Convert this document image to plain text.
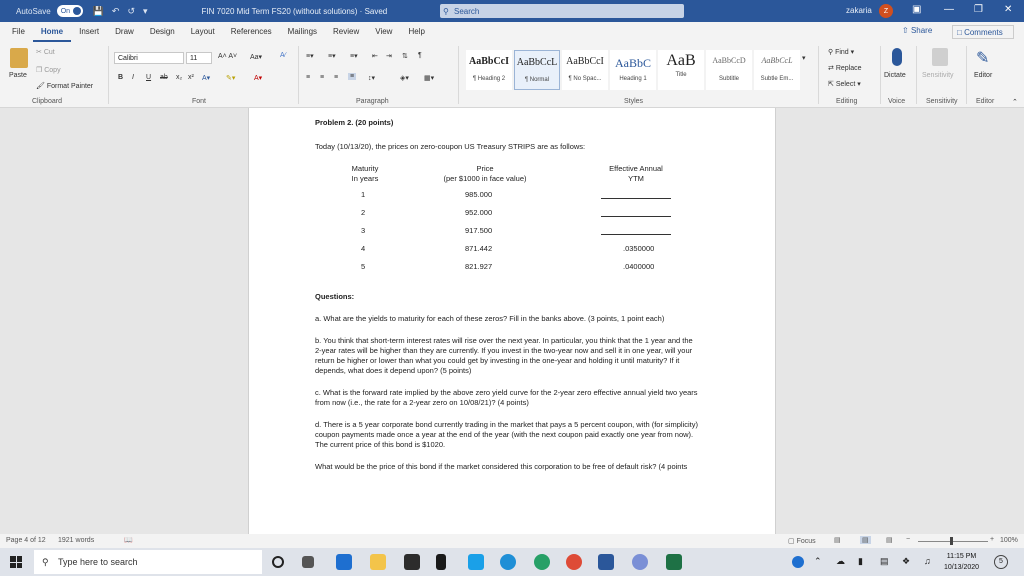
AutoSave On	💾 ↶ ↺ ▾	FIN 7020 Mid Term FS20 (without solutions) · Saved	⚲ Search	zakaria	Z	▣ — ❐ ✕
File	Home	Insert	Draw	Design	Layout	References	Mailings	Review	View	Help	⇧ Share	□ Comments
Paste
✂ Cut
❐ Copy
🖌 Format Painter
Clipboard
Calibri	11	A˄ A˅ Aa▾	A∕
B I U ab x₂ x² A▾ ✎▾	A▾
Font
≡▾ ≡▾ ≡▾ ⇤ ⇥ ⇅ ¶
≡ ≡ ≡ ≡ ↕▾	◈▾ ▦▾
Paragraph
AaBbCcI
¶ Heading 2
AaBbCcL
¶ Normal
AaBbCcI
¶ No Spac...
AaBbC
Heading 1
AaB
Title
AaBbCcD
Subtitle
AaBbCcL
Subtle Em...
▾
Styles
⚲ Find ▾
⇄ Replace
⇱ Select ▾
Editing
Dictate
Voice
Sensitivity
Sensitivity
✎
Editor
Editor	⌃
Problem 2. (20 points)
Today (10/13/20), the prices on zero-coupon US Treasury STRIPS are as follows:
Maturity
In years
Price
(per $1000 in face value)
Effective Annual
YTM
1	985.000
2	952.000
3	917.500
4	871.442	.0350000
5	821.927	.0400000
Questions:
a. What are the yields to maturity for each of these zeros? Fill in the banks above. (3 points, 1 point each)
b. You think that short-term interest rates will rise over the next year. In particular, you think that the 1 year and the 2-year rates will be higher than they are currently. If you invest in the two-year now and sell it in one year, will your return be higher or lower than what you could get by investing in the one-year and holding it until maturity? If it depends, what does it depend upon? (5 points)
c. What is the forward rate implied by the above zero yield curve for the 2-year zero effective annual yield two years from now (i.e., the rate for a 2-year zero on 10/08/21)? (4 points)
d. There is a 5 year corporate bond currently trading in the market that pays a 5 percent coupon, with (for simplicity) coupon payments made once a year at the end of the year (with the next coupon paid exactly one year from now). The current price of this bond is $1020.
What would be the price of this bond if the market considered this corporation to be free of default risk? (4 points
Page 4 of 12 1921 words	📖	▢ Focus	▤	▤ ▤ −	+ 100%
⚲ Type here to search	⌃ ☁ ▮ ▤ ❖ ♫	11:15 PM
10/13/2020
5
